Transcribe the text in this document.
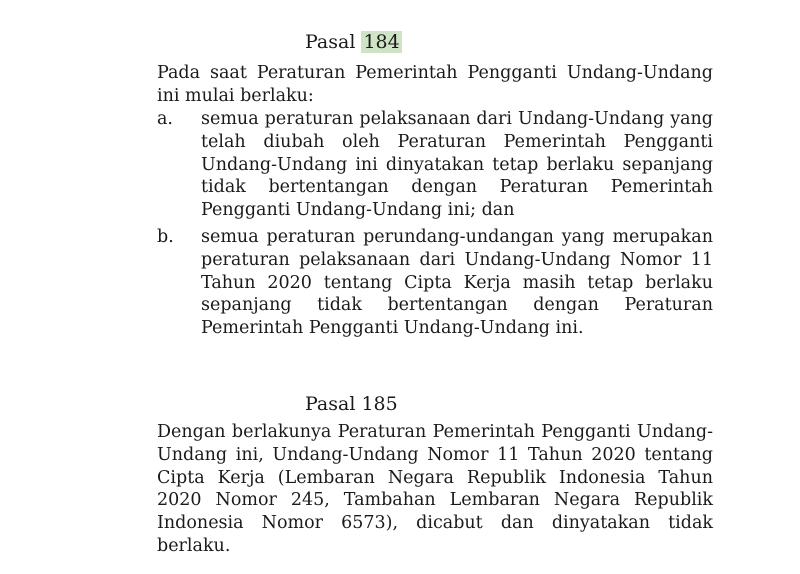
Pasal 184
Pada saat Peraturan Pemerintah Pengganti Undang-Undang ini mulai berlaku:
a.	semua peraturan pelaksanaan dari Undang-Undang yang telah diubah oleh Peraturan Pemerintah Pengganti Undang-Undang ini dinyatakan tetap berlaku sepanjang tidak bertentangan dengan Peraturan Pemerintah Pengganti Undang-Undang ini; dan
b.	semua peraturan perundang-undangan yang merupakan peraturan pelaksanaan dari Undang-Undang Nomor 11 Tahun 2020 tentang Cipta Kerja masih tetap berlaku sepanjang tidak bertentangan dengan Peraturan Pemerintah Pengganti Undang-Undang ini.
Pasal 185
Dengan berlakunya Peraturan Pemerintah Pengganti Undang-Undang ini, Undang-Undang Nomor 11 Tahun 2020 tentang Cipta Kerja (Lembaran Negara Republik Indonesia Tahun 2020 Nomor 245, Tambahan Lembaran Negara Republik Indonesia Nomor 6573), dicabut dan dinyatakan tidak berlaku.
